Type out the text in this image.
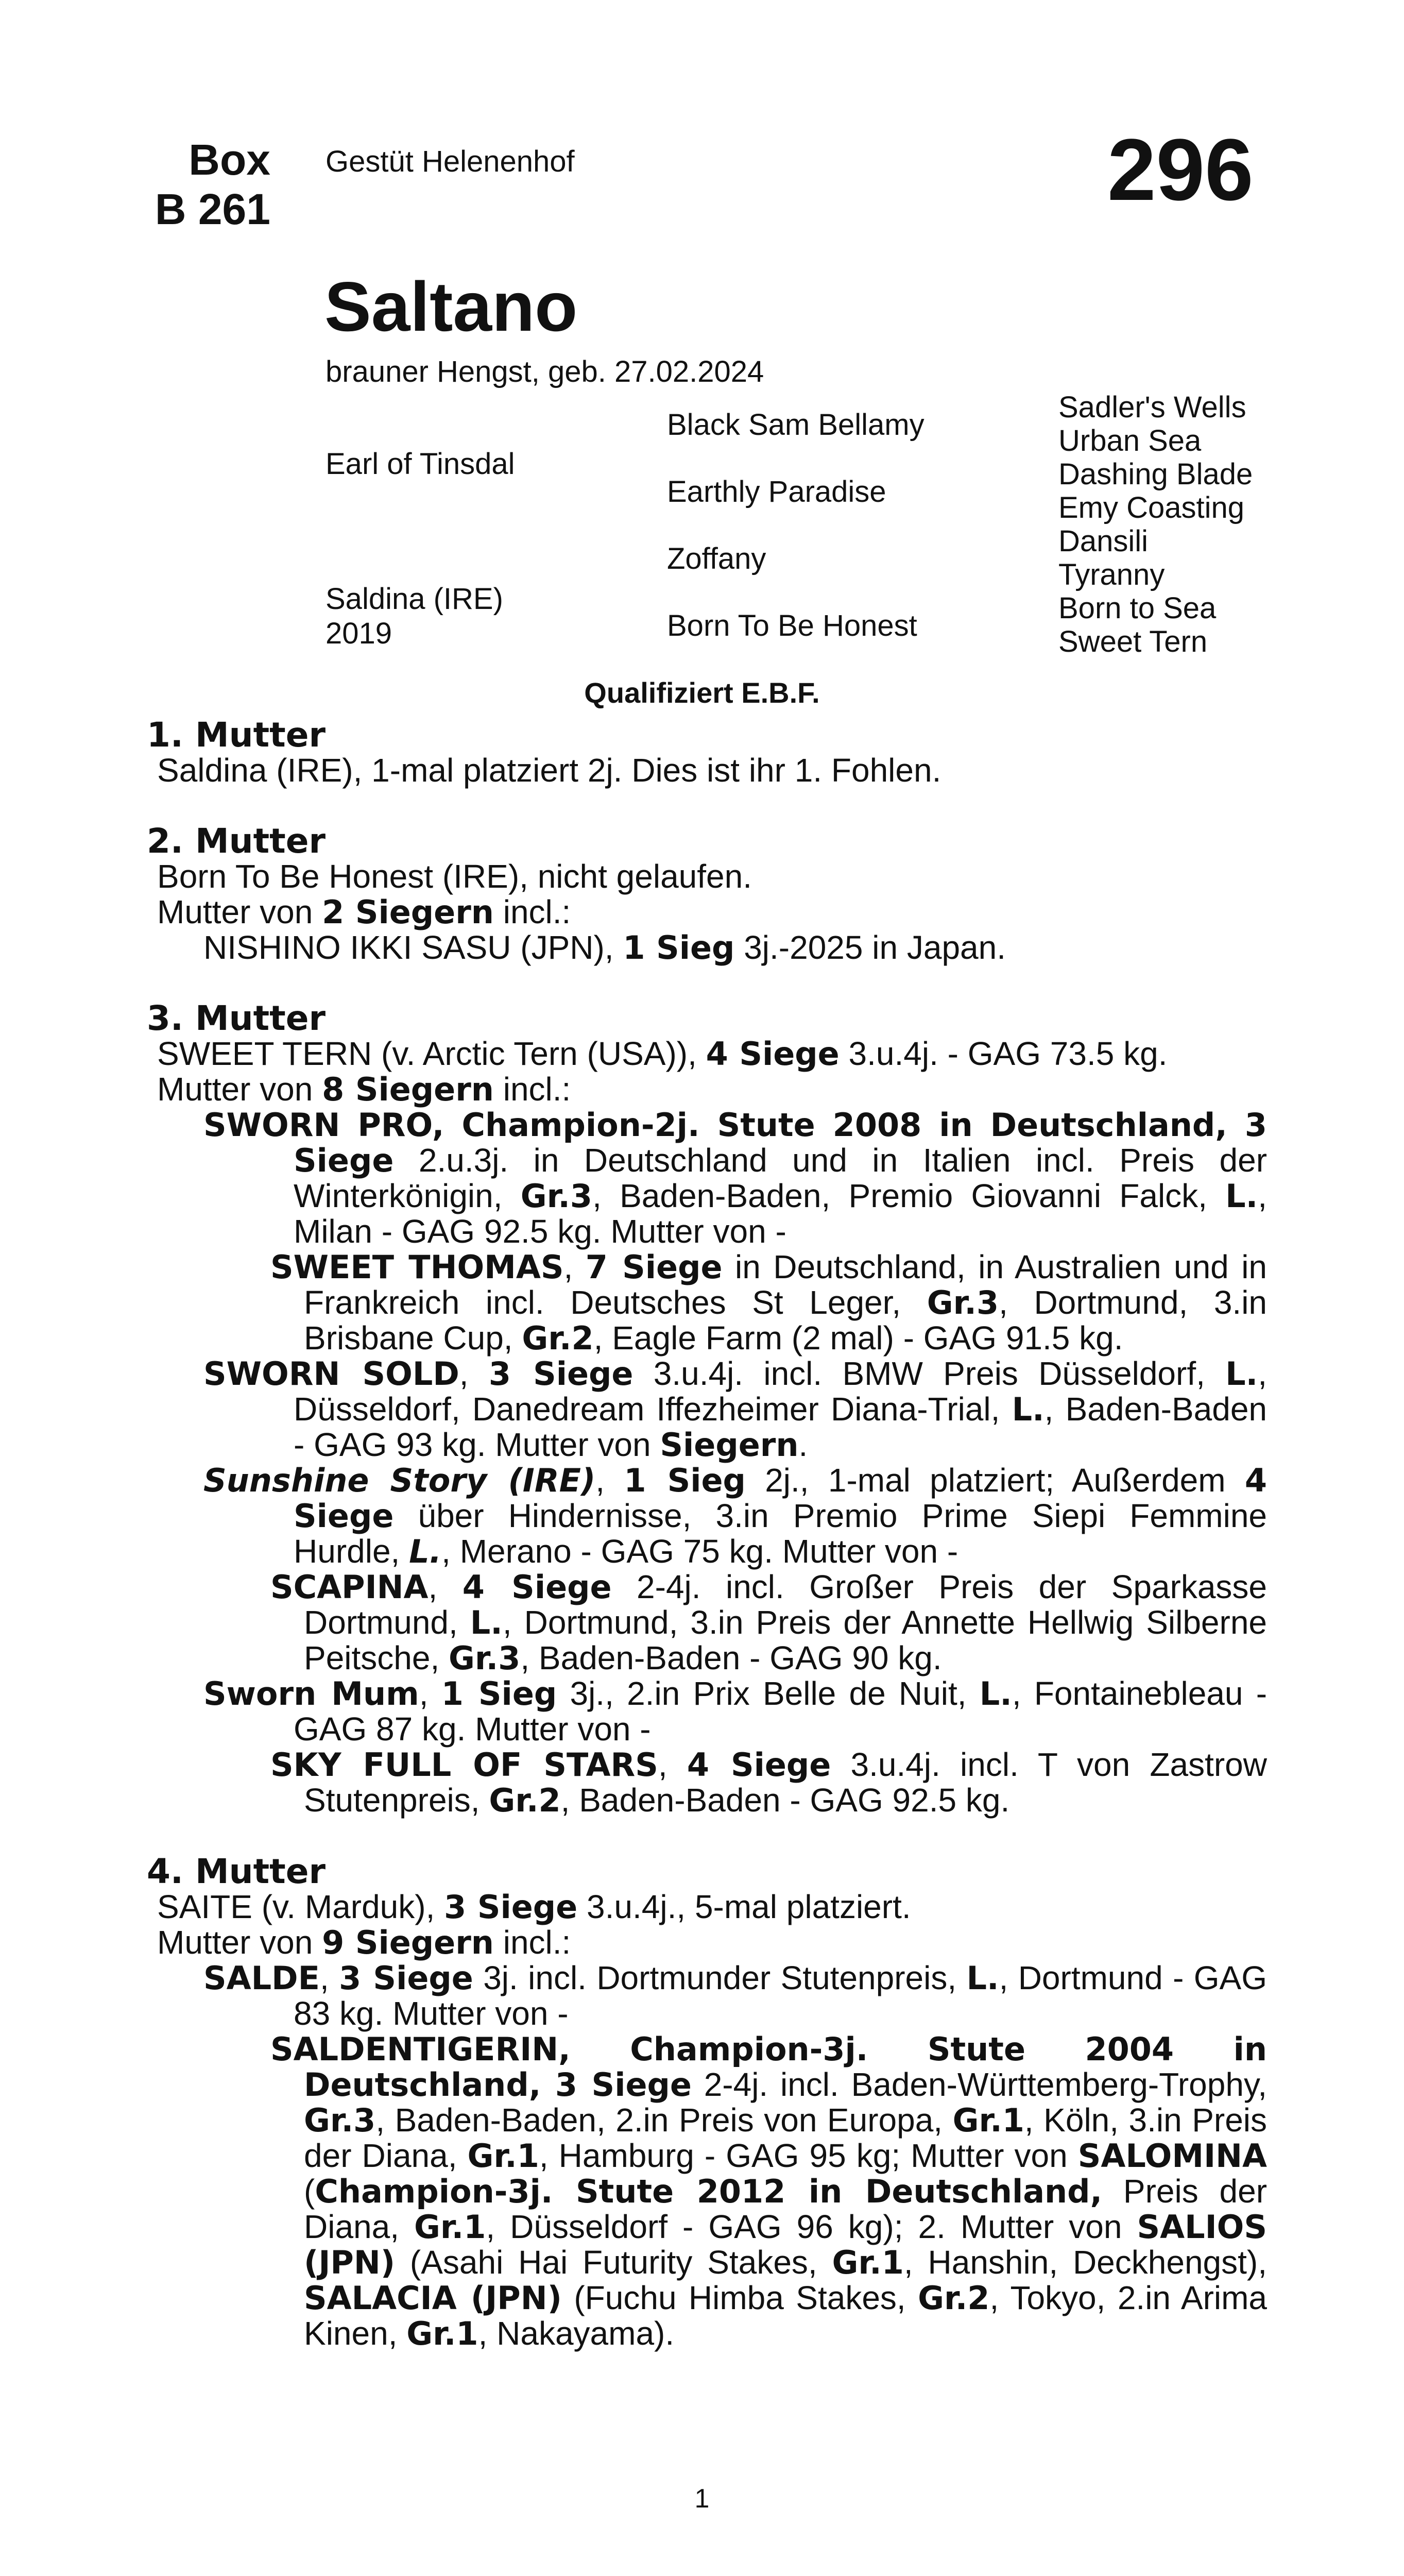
Box
B 261
Gestüt Helenenhof	296
Saltano
brauner Hengst, geb. 27.02.2024
Earl of Tinsdal
Saldina (IRE)
2019
Black Sam Bellamy
Earthly Paradise
Zoffany
Born To Be Honest
Sadler's Wells
Urban Sea
Dashing Blade
Emy Coasting
Dansili
Tyranny
Born to Sea
Sweet Tern
Qualifiziert E.B.F.
1. Mutter

Saldina (IRE), 1-mal platziert 2j. Dies ist ihr 1. Fohlen.

2. Mutter

Born To Be Honest (IRE), nicht gelaufen.

Mutter von 2 Siegern incl.:

NISHINO IKKI SASU (JPN), 1 Sieg 3j.-2025 in Japan.

3. Mutter

SWEET TERN (v. Arctic Tern (USA)), 4 Siege 3.u.4j. - GAG 73.5 kg.

Mutter von 8 Siegern incl.:

SWORN PRO, Champion-2j. Stute 2008 in Deutschland, 3 Siege 2.u.3j. in Deutschland und in Italien incl. Preis der Winterkönigin, Gr.3, Baden-Baden, Premio Giovanni Falck, L., Milan - GAG 92.5 kg. Mutter von -

SWEET THOMAS, 7 Siege in Deutschland, in Australien und in Frankreich incl. Deutsches St Leger, Gr.3, Dortmund, 3.in Brisbane Cup, Gr.2, Eagle Farm (2 mal) - GAG 91.5 kg.

SWORN SOLD, 3 Siege 3.u.4j. incl. BMW Preis Düsseldorf, L., Düsseldorf, Danedream Iffezheimer Diana-Trial, L., Baden-Baden - GAG 93 kg. Mutter von Siegern.

Sunshine Story (IRE), 1 Sieg 2j., 1-mal platziert; Außerdem 4 Siege über Hindernisse, 3.in Premio Prime Siepi Femmine Hurdle, L., Merano - GAG 75 kg. Mutter von -

SCAPINA, 4 Siege 2-4j. incl. Großer Preis der Sparkasse Dortmund, L., Dortmund, 3.in Preis der Annette Hellwig Silberne Peitsche, Gr.3, Baden-Baden - GAG 90 kg.

Sworn Mum, 1 Sieg 3j., 2.in Prix Belle de Nuit, L., Fontainebleau - GAG 87 kg. Mutter von -

SKY FULL OF STARS, 4 Siege 3.u.4j. incl. T von Zastrow Stutenpreis, Gr.2, Baden-Baden - GAG 92.5 kg.

4. Mutter

SAITE (v. Marduk), 3 Siege 3.u.4j., 5-mal platziert.

Mutter von 9 Siegern incl.:

SALDE, 3 Siege 3j. incl. Dortmunder Stutenpreis, L., Dortmund - GAG 83 kg. Mutter von -

SALDENTIGERIN, Champion-3j. Stute 2004 in Deutschland, 3 Siege 2-4j. incl. Baden-Württemberg-Trophy, Gr.3, Baden-Baden, 2.in Preis von Europa, Gr.1, Köln, 3.in Preis der Diana, Gr.1, Hamburg - GAG 95 kg; Mutter von SALOMINA (Champion-3j. Stute 2012 in Deutschland, Preis der Diana, Gr.1, Düsseldorf - GAG 96 kg); 2. Mutter von SALIOS (JPN) (Asahi Hai Futurity Stakes, Gr.1, Hanshin, Deckhengst), SALACIA (JPN) (Fuchu Himba Stakes, Gr.2, Tokyo, 2.in Arima Kinen, Gr.1, Nakayama).

1
